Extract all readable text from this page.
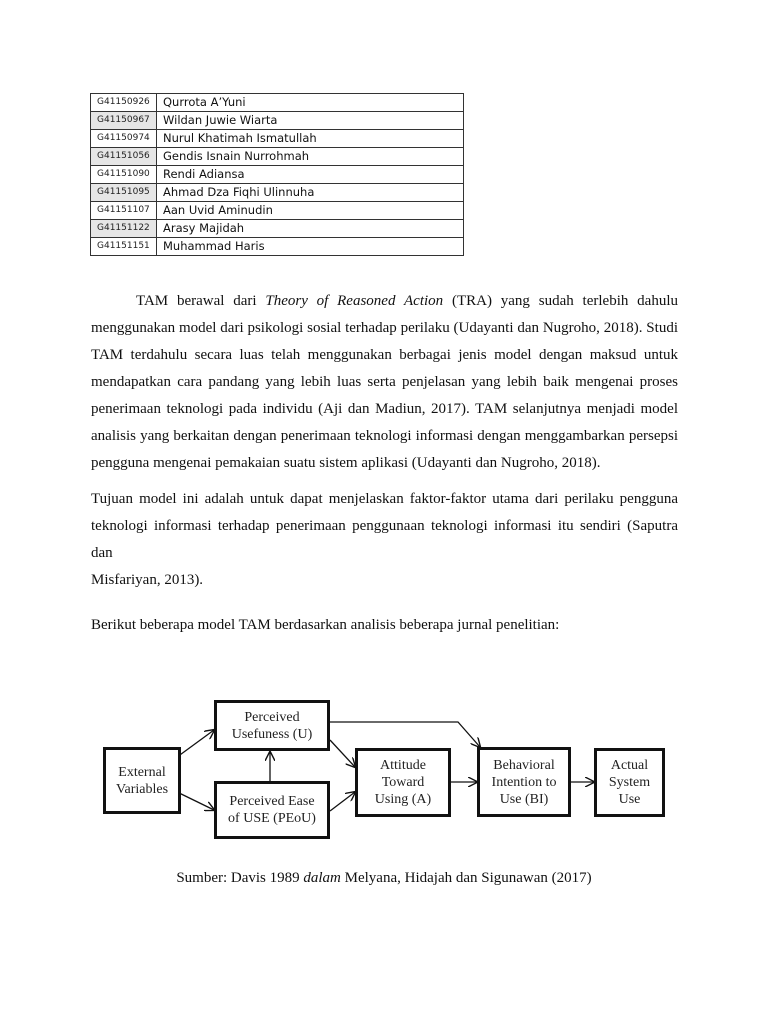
G41150926	Qurrota A’Yuni
G41150967	Wildan Juwie Wiarta
G41150974	Nurul Khatimah Ismatullah
G41151056	Gendis Isnain Nurrohmah
G41151090	Rendi Adiansa
G41151095	Ahmad Dza Fiqhi Ulinnuha
G41151107	Aan Uvid Aminudin
G41151122	Arasy Majidah
G41151151	Muhammad Haris

TAM berawal dari Theory of Reasoned Action (TRA) yang sudah terlebih dahulu
menggunakan model dari psikologi sosial terhadap perilaku (Udayanti dan Nugroho, 2018). Studi
TAM terdahulu secara luas telah menggunakan berbagai jenis model dengan maksud untuk
mendapatkan cara pandang yang lebih luas serta penjelasan yang lebih baik mengenai proses
penerimaan teknologi pada individu (Aji dan Madiun, 2017). TAM selanjutnya menjadi model
analisis yang berkaitan dengan penerimaan teknologi informasi dengan menggambarkan persepsi
pengguna mengenai pemakaian suatu sistem aplikasi (Udayanti dan Nugroho, 2018).

Tujuan model ini adalah untuk dapat menjelaskan faktor-faktor utama dari perilaku pengguna
teknologi informasi terhadap penerimaan penggunaan teknologi informasi itu sendiri (Saputra dan
Misfariyan, 2013).

Berikut beberapa model TAM berdasarkan analisis beberapa jurnal penelitian:

External
Variables
Perceived
Usefuness (U)
Perceived Ease
of USE (PEoU)
Attitude
Toward
Using (A)
Behavioral
Intention to
Use (BI)
Actual
System
Use

Sumber: Davis 1989 dalam Melyana, Hidajah dan Sigunawan (2017)
